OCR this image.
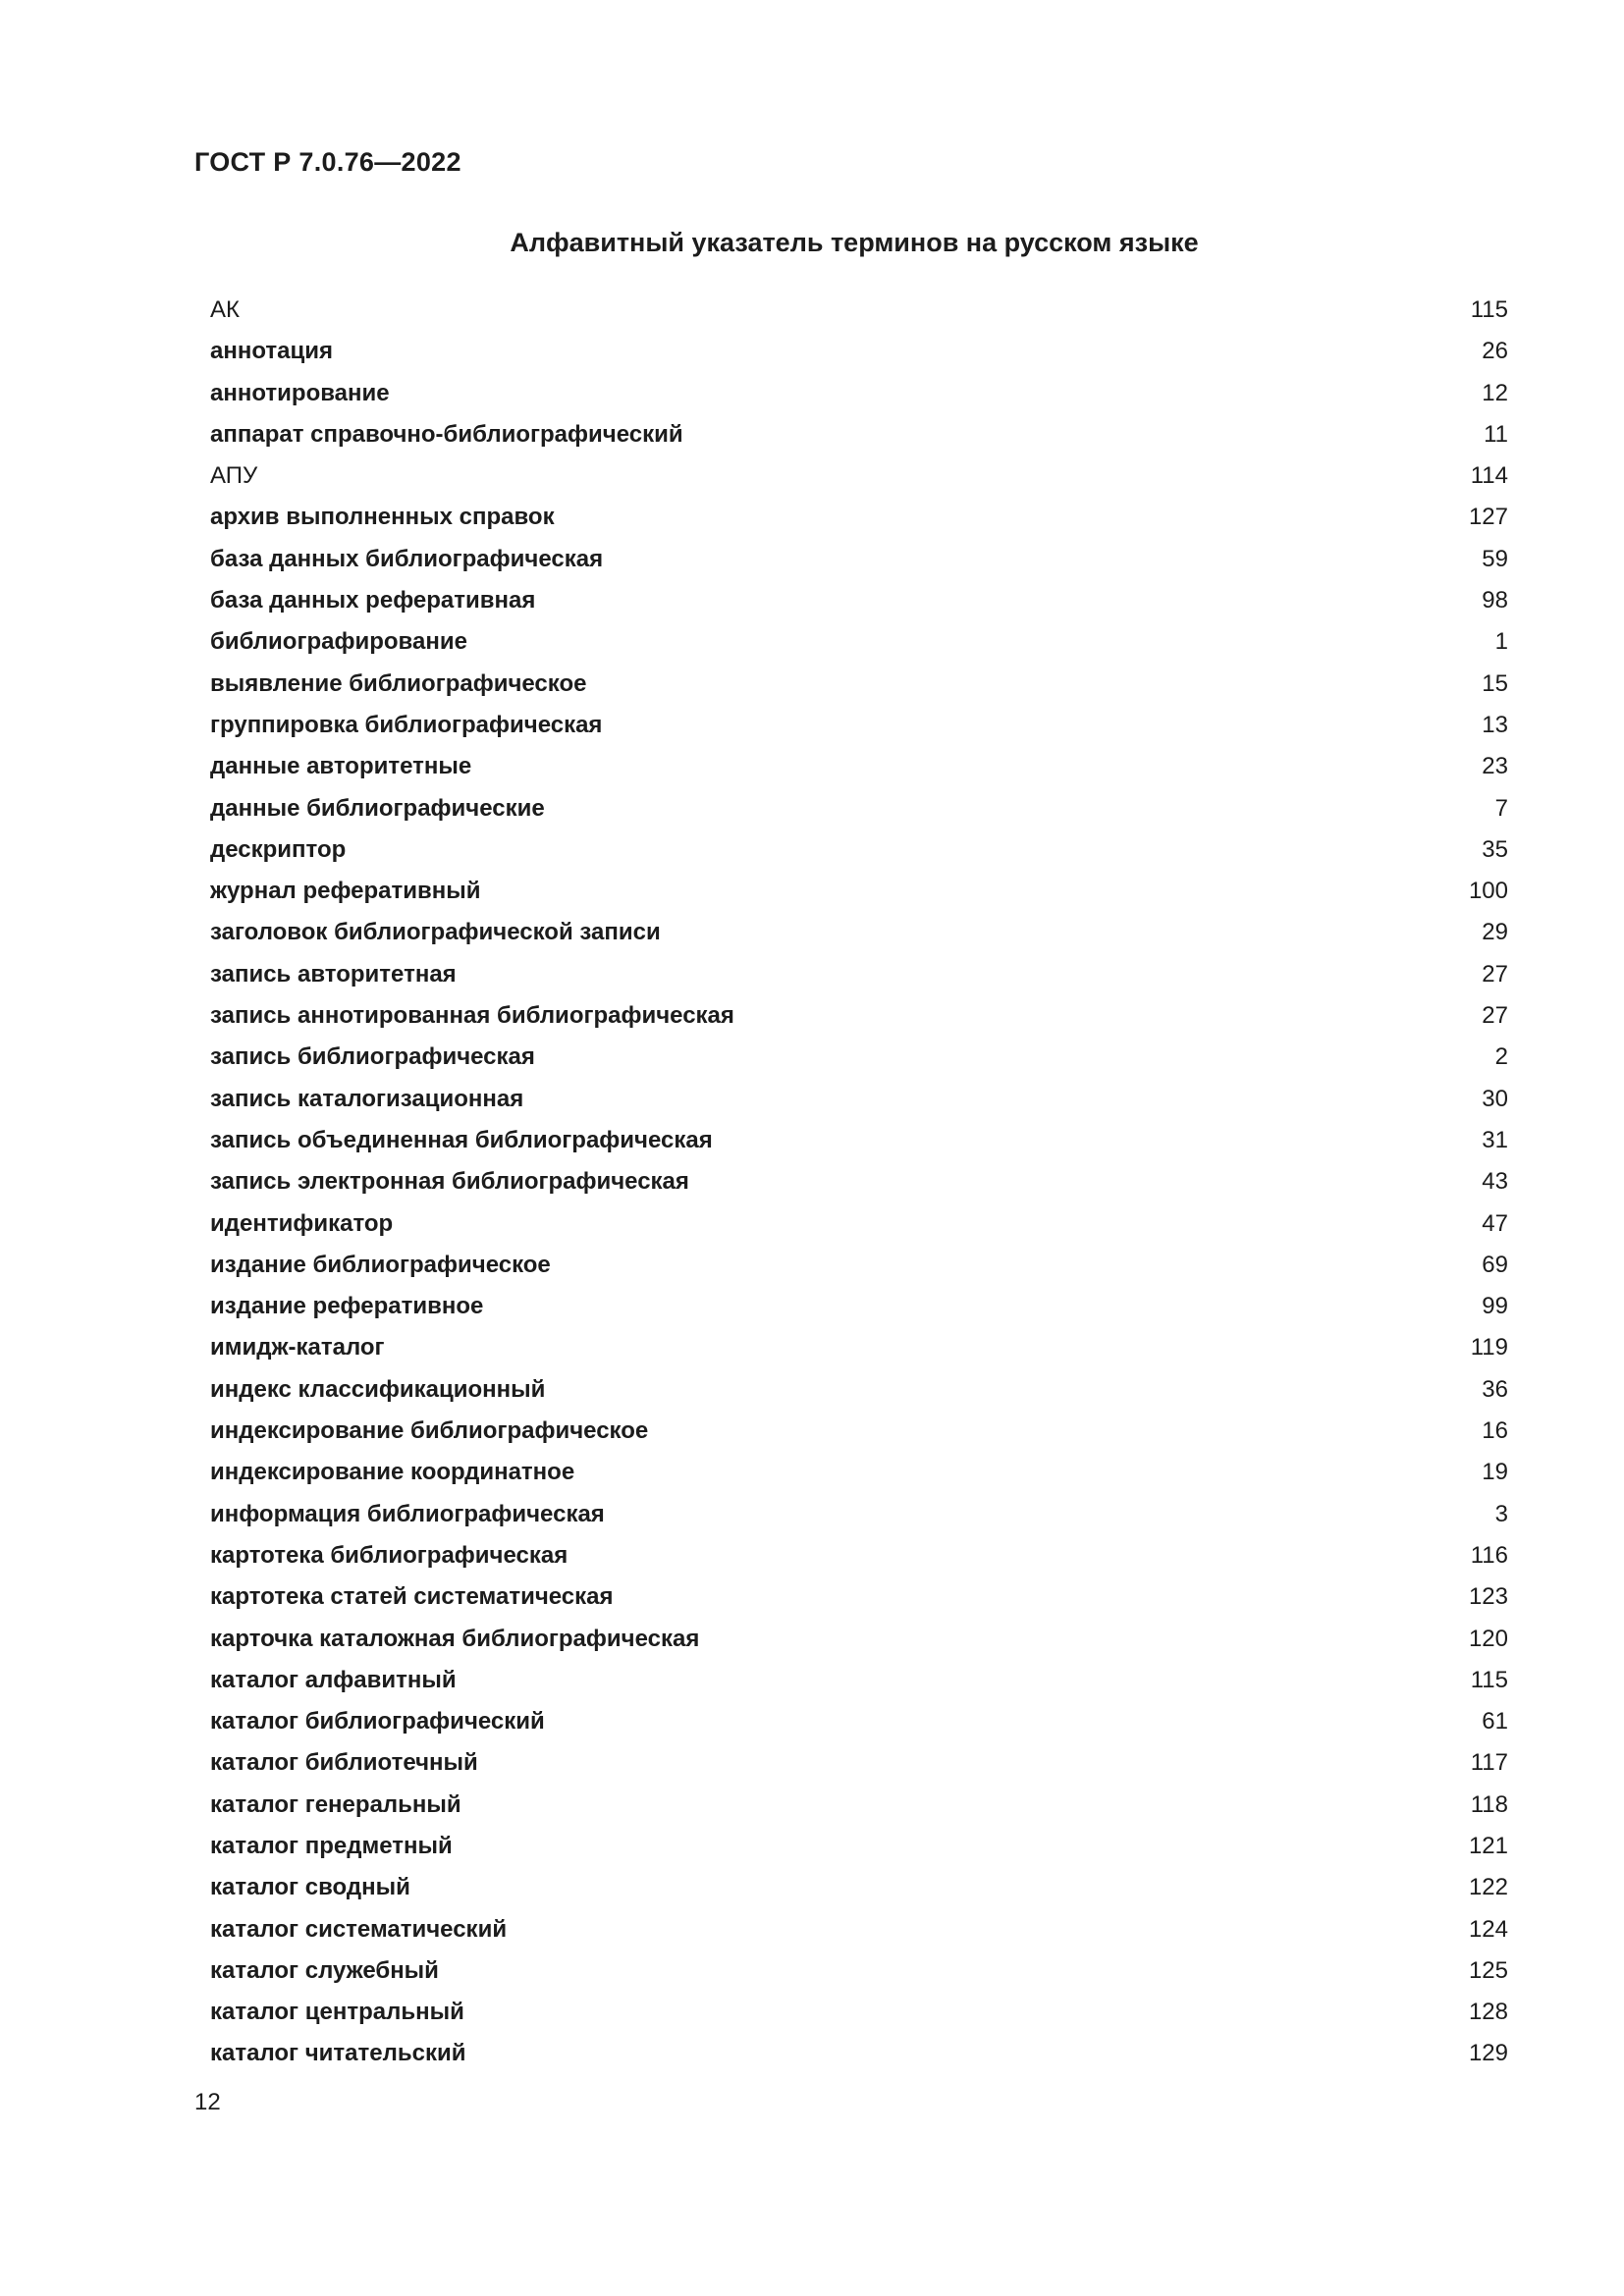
ГОСТ Р 7.0.76—2022
Алфавитный указатель терминов на русском языке
АК	115
аннотация	26
аннотирование	12
аппарат справочно-библиографический	11
АПУ	114
архив выполненных справок	127
база данных библиографическая	59
база данных реферативная	98
библиографирование	1
выявление библиографическое	15
группировка библиографическая	13
данные авторитетные	23
данные библиографические	7
дескриптор	35
журнал реферативный	100
заголовок библиографической записи	29
запись авторитетная	27
запись аннотированная библиографическая	27
запись библиографическая	2
запись каталогизационная	30
запись объединенная библиографическая	31
запись электронная библиографическая	43
идентификатор	47
издание библиографическое	69
издание реферативное	99
имидж-каталог	119
индекс классификационный	36
индексирование библиографическое	16
индексирование координатное	19
информация библиографическая	3
картотека библиографическая	116
картотека статей систематическая	123
карточка каталожная библиографическая	120
каталог алфавитный	115
каталог библиографический	61
каталог библиотечный	117
каталог генеральный	118
каталог предметный	121
каталог сводный	122
каталог систематический	124
каталог служебный	125
каталог центральный	128
каталог читательский	129
12
